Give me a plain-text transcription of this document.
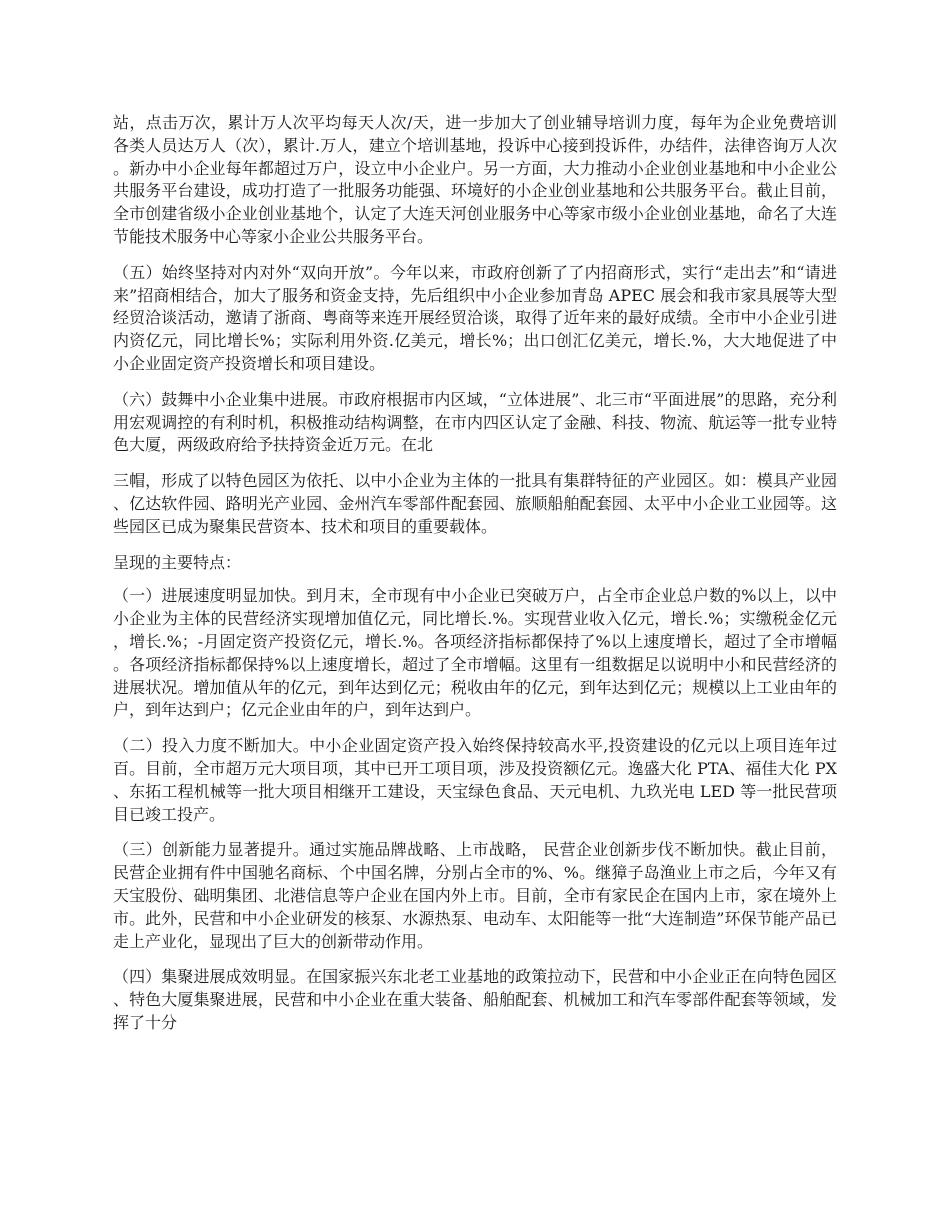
站，点击万次，累计万人次平均每天人次/天，进一步加大了创业辅导培训力度，每年为企业免费培训各类人员达万人（次），累计.万人，建立个培训基地，投诉中心接到投诉件，办结件，法律咨询万人次。新办中小企业每年都超过万户，设立中小企业户。另一方面，大力推动小企业创业基地和中小企业公共服务平台建设，成功打造了一批服务功能强、环境好的小企业创业基地和公共服务平台。截止目前，全市创建省级小企业创业基地个，认定了大连天河创业服务中心等家市级小企业创业基地，命名了大连节能技术服务中心等家小企业公共服务平台。

（五）始终坚持对内对外“双向开放”。今年以来，市政府创新了了内招商形式，实行“走出去”和“请进来”招商相结合，加大了服务和资金支持，先后组织中小企业参加青岛 APEC 展会和我市家具展等大型经贸洽谈活动，邀请了浙商、粤商等来连开展经贸洽谈，取得了近年来的最好成绩。全市中小企业引进内资亿元，同比增长%；实际利用外资.亿美元，增长%；出口创汇亿美元，增长.%，大大地促进了中小企业固定资产投资增长和项目建设。

（六）鼓舞中小企业集中进展。市政府根据市内区域，“立体进展”、北三市“平面进展”的思路，充分利用宏观调控的有利时机，积极推动结构调整，在市内四区认定了金融、科技、物流、航运等一批专业特色大厦，两级政府给予扶持资金近万元。在北

三帽，形成了以特色园区为依托、以中小企业为主体的一批具有集群特征的产业园区。如：模具产业园、亿达软件园、路明光产业园、金州汽车零部件配套园、旅顺船舶配套园、太平中小企业工业园等。这些园区已成为聚集民营资本、技术和项目的重要载体。

呈现的主要特点：

（一）进展速度明显加快。到月末，全市现有中小企业已突破万户，占全市企业总户数的%以上，以中小企业为主体的民营经济实现增加值亿元，同比增长.%。实现营业收入亿元，增长.%；实缴税金亿元，增长.%；-月固定资产投资亿元，增长.%。各项经济指标都保持了%以上速度增长，超过了全市增幅。各项经济指标都保持%以上速度增长，超过了全市增幅。这里有一组数据足以说明中小和民营经济的进展状况。增加值从年的亿元，到年达到亿元；税收由年的亿元，到年达到亿元；规模以上工业由年的户，到年达到户；亿元企业由年的户，到年达到户。

（二）投入力度不断加大。中小企业固定资产投入始终保持较高水平,投资建设的亿元以上项目连年过百。目前，全市超万元大项目项，其中已开工项目项，涉及投资额亿元。逸盛大化 PTA、福佳大化 PX、东拓工程机械等一批大项目相继开工建设，天宝绿色食品、天元电机、九玖光电 LED 等一批民营项目已竣工投产。

（三）创新能力显著提升。通过实施品牌战略、上市战略， 民营企业创新步伐不断加快。截止目前，民营企业拥有件中国驰名商标、个中国名牌，分别占全市的%、%。继獐子岛渔业上市之后，今年又有天宝股份、础明集团、北港信息等户企业在国内外上市。目前，全市有家民企在国内上市，家在境外上市。此外，民营和中小企业研发的核泵、水源热泵、电动车、太阳能等一批“大连制造”环保节能产品已走上产业化，显现出了巨大的创新带动作用。

（四）集聚进展成效明显。在国家振兴东北老工业基地的政策拉动下，民营和中小企业正在向特色园区、特色大厦集聚进展，民营和中小企业在重大装备、船舶配套、机械加工和汽车零部件配套等领域，发挥了十分
